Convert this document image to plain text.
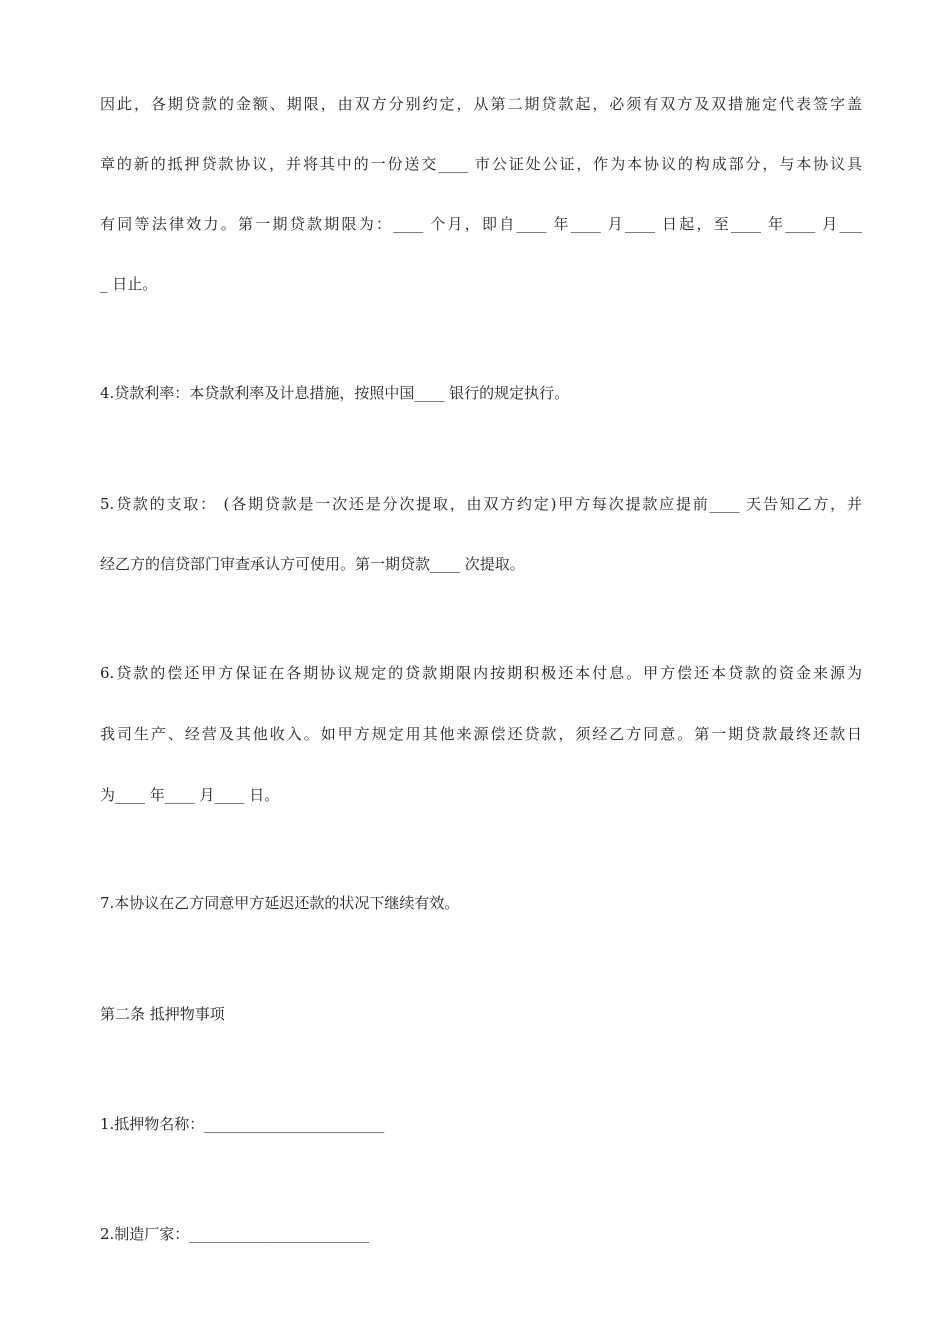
因此，各期贷款的金额、期限，由双方分别约定，从第二期贷款起，必须有双方及双措施定代表签字盖
章的新的抵押贷款协议，并将其中的一份送交____ 市公证处公证，作为本协议的构成部分，与本协议具
有同等法律效力。第一期贷款期限为：____ 个月，即自____ 年____ 月____ 日起，至____ 年____ 月___
_ 日止。
4.贷款利率：本贷款利率及计息措施，按照中国____ 银行的规定执行。
5.贷款的支取： (各期贷款是一次还是分次提取，由双方约定)甲方每次提款应提前____ 天告知乙方，并
经乙方的信贷部门审查承认方可使用。第一期贷款____ 次提取。
6.贷款的偿还甲方保证在各期协议规定的贷款期限内按期积极还本付息。甲方偿还本贷款的资金来源为
我司生产、经营及其他收入。如甲方规定用其他来源偿还贷款，须经乙方同意。第一期贷款最终还款日
为____ 年____ 月____ 日。
7.本协议在乙方同意甲方延迟还款的状况下继续有效。
第二条 抵押物事项
1.抵押物名称：________________________
2.制造厂家：________________________
